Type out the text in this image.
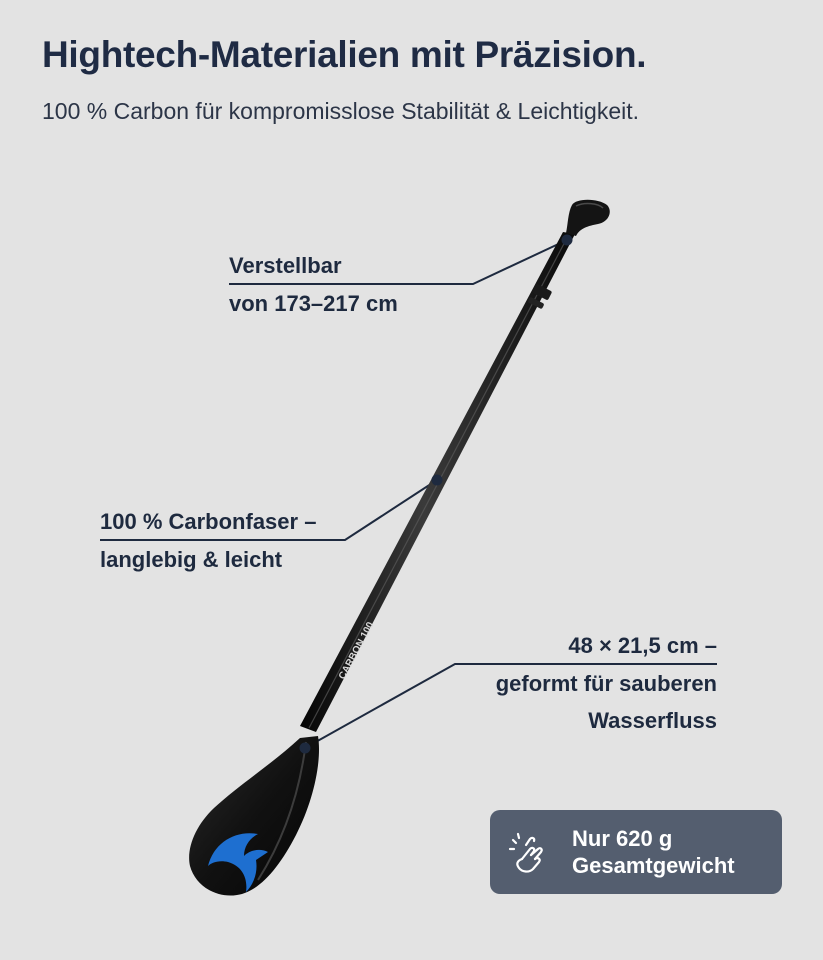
Hightech-Materialien mit Präzision.

100 % Carbon für kompromisslose Stabilität & Leichtigkeit.

CARBON 100
Verstellbar
von 173–217 cm
100 % Carbonfaser –
langlebig & leicht
48 × 21,5 cm –
geformt für sauberen
Wasserfluss
Nur 620 g
Gesamtgewicht
